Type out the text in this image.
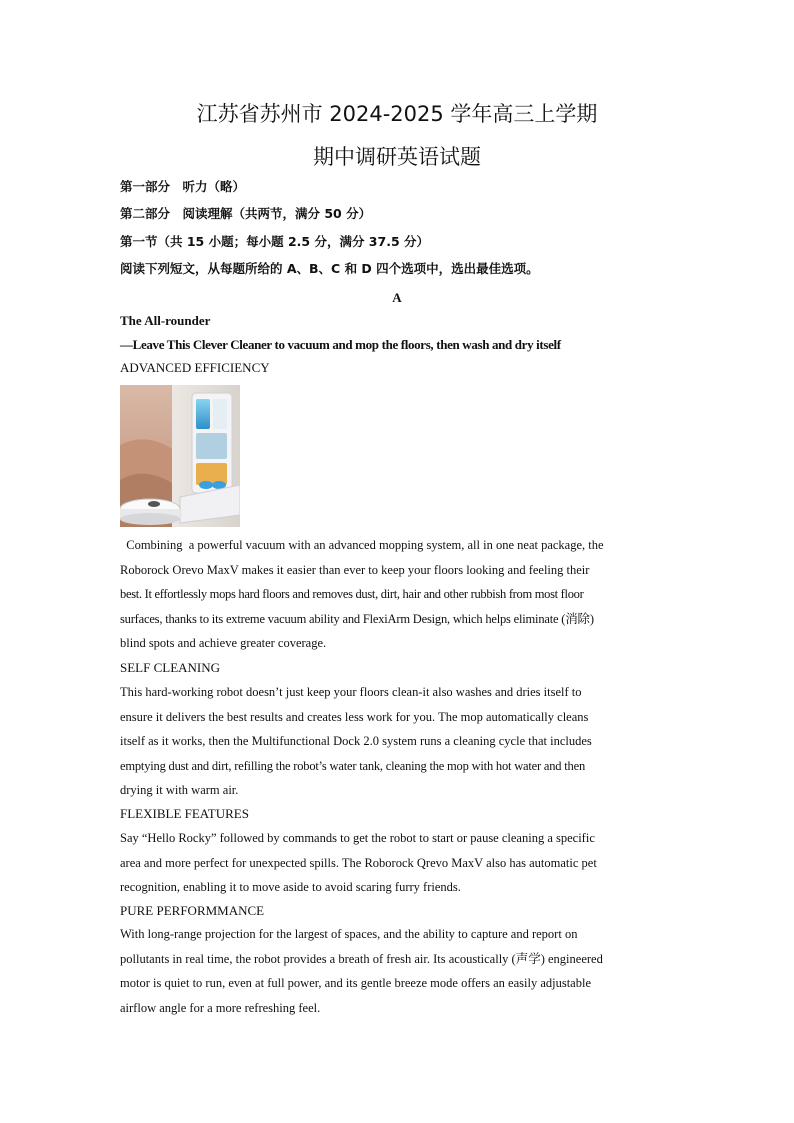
江苏省苏州市 2024-2025 学年高三上学期
期中调研英语试题
第一部分　听力（略）
第二部分　阅读理解（共两节，满分 50 分）
第一节（共 15 小题；每小题 2.5 分，满分 37.5 分）
阅读下列短文，从每题所给的 A、B、C 和 D 四个选项中，选出最佳选项。
A
The All-rounder
—Leave This Clever Cleaner to vacuum and mop the floors, then wash and dry itself
ADVANCED EFFICIENCY
Combining  a powerful vacuum with an advanced mopping system, all in one neat package, the
Roborock Orevo MaxV makes it easier than ever to keep your floors looking and feeling their
best. It effortlessly mops hard floors and removes dust, dirt, hair and other rubbish from most floor
surfaces, thanks to its extreme vacuum ability and FlexiArm Design, which helps eliminate (消除)
blind spots and achieve greater coverage.
SELF CLEANING
This hard-working robot doesn’t just keep your floors clean-it also washes and dries itself to
ensure it delivers the best results and creates less work for you. The mop automatically cleans
itself as it works, then the Multifunctional Dock 2.0 system runs a cleaning cycle that includes
emptying dust and dirt, refilling the robot’s water tank, cleaning the mop with hot water and then
drying it with warm air.
FLEXIBLE FEATURES
Say “Hello Rocky” followed by commands to get the robot to start or pause cleaning a specific
area and more perfect for unexpected spills. The Roborock Qrevo MaxV also has automatic pet
recognition, enabling it to move aside to avoid scaring furry friends.
PURE PERFORMMANCE
With long-range projection for the largest of spaces, and the ability to capture and report on
pollutants in real time, the robot provides a breath of fresh air. Its acoustically (声学) engineered
motor is quiet to run, even at full power, and its gentle breeze mode offers an easily adjustable
airflow angle for a more refreshing feel.
